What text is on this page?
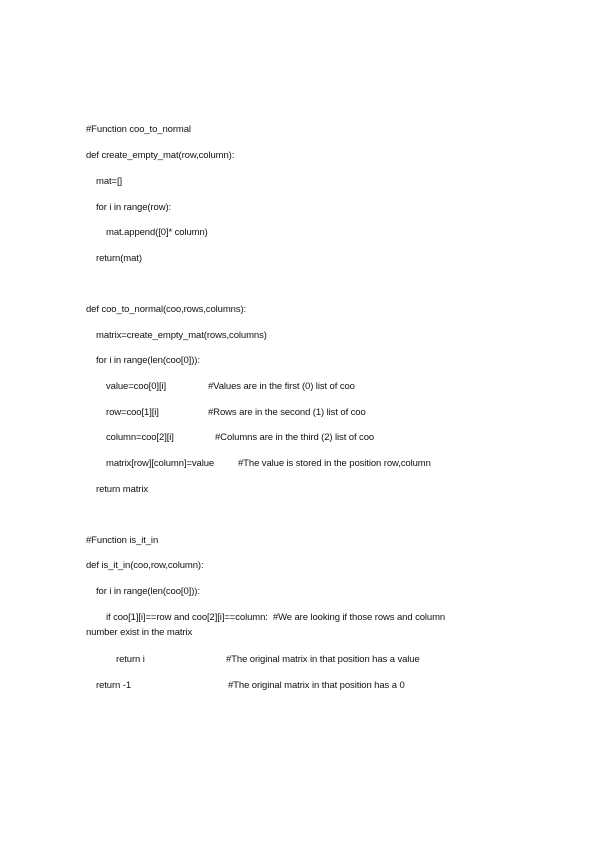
#Function coo_to_normal
def create_empty_mat(row,column):
mat=[]
for i in range(row):
mat.append([0]* column)
return(mat)
def coo_to_normal(coo,rows,columns):
matrix=create_empty_mat(rows,columns)
for i in range(len(coo[0])):
value=coo[0][i]	#Values are in the first (0) list of coo
row=coo[1][i]	#Rows are in the second (1) list of coo
column=coo[2][i]	#Columns are in the third (2) list of coo
matrix[row][column]=value	#The value is stored in the position row,column
return matrix
#Function is_it_in
def is_it_in(coo,row,column):
for i in range(len(coo[0])):
if coo[1][i]==row and coo[2][i]==column:  #We are looking if those rows and column
number exist in the matrix
return i	#The original matrix in that position has a value
return -1	#The original matrix in that position has a 0
